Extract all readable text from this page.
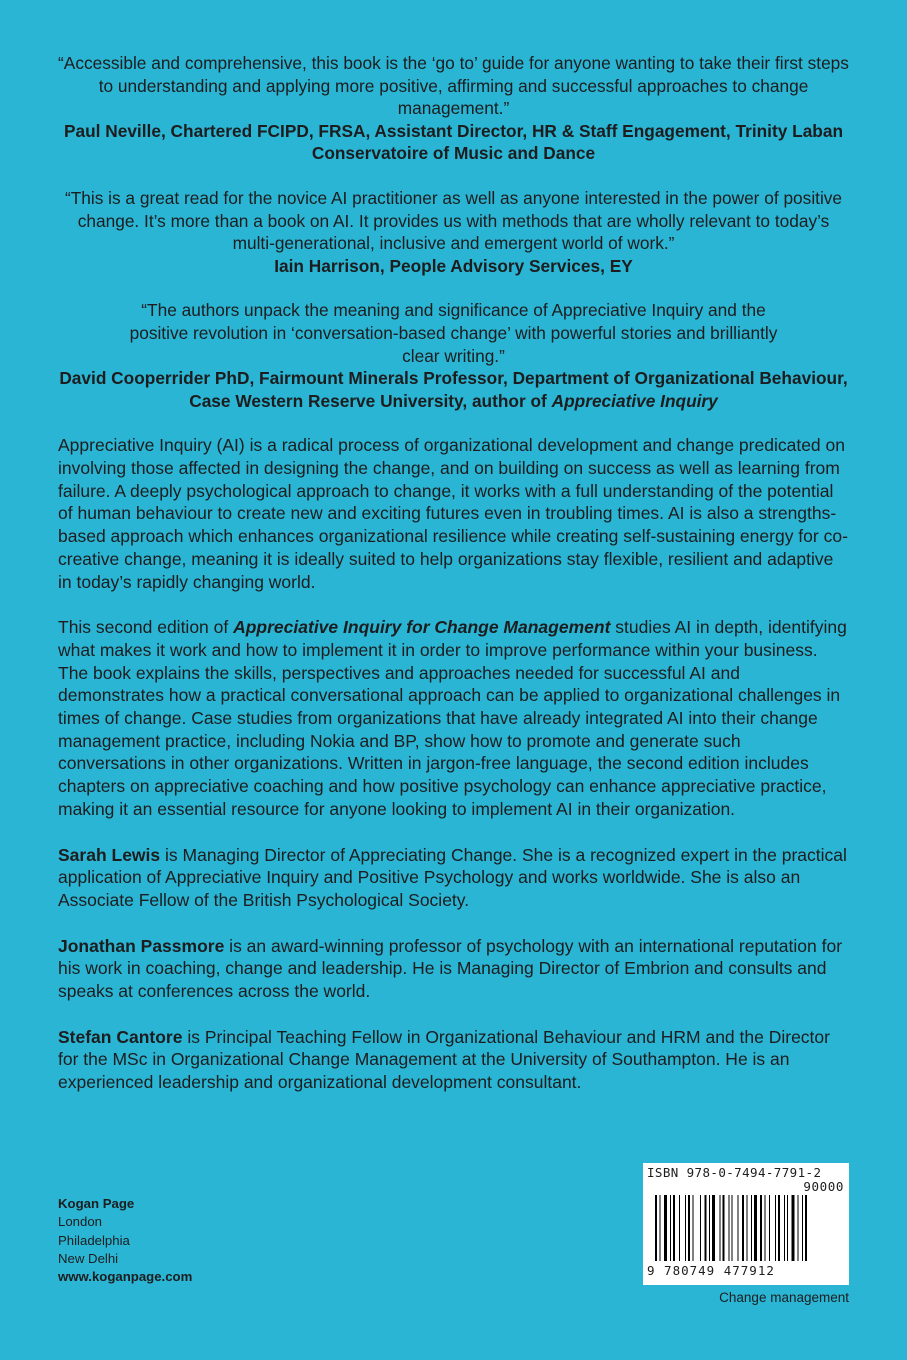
“Accessible and comprehensive, this book is the ‘go to’ guide for anyone wanting to take their first steps to understanding and applying more positive, affirming and successful approaches to change management.”

Paul Neville, Chartered FCIPD, FRSA, Assistant Director, HR & Staff Engagement, Trinity Laban Conservatoire of Music and Dance

“This is a great read for the novice AI practitioner as well as anyone interested in the power of positive change. It’s more than a book on AI. It provides us with methods that are wholly relevant to today’s multi-generational, inclusive and emergent world of work.”

Iain Harrison, People Advisory Services, EY

“The authors unpack the meaning and significance of Appreciative Inquiry and the positive revolution in ‘conversation-based change’ with powerful stories and brilliantly clear writing.”

David Cooperrider PhD, Fairmount Minerals Professor, Department of Organizational Behaviour, Case Western Reserve University, author of Appreciative Inquiry

Appreciative Inquiry (AI) is a radical process of organizational development and change predicated on involving those affected in designing the change, and on building on success as well as learning from failure. A deeply psychological approach to change, it works with a full understanding of the potential of human behaviour to create new and exciting futures even in troubling times. AI is also a strengths-based approach which enhances organizational resilience while creating self-sustaining energy for co-creative change, meaning it is ideally suited to help organizations stay flexible, resilient and adaptive in today’s rapidly changing world.

This second edition of Appreciative Inquiry for Change Management studies AI in depth, identifying what makes it work and how to implement it in order to improve performance within your business. The book explains the skills, perspectives and approaches needed for successful AI and demonstrates how a practical conversational approach can be applied to organizational challenges in times of change. Case studies from organizations that have already integrated AI into their change management practice, including Nokia and BP, show how to promote and generate such conversations in other organizations. Written in jargon-free language, the second edition includes chapters on appreciative coaching and how positive psychology can enhance appreciative practice, making it an essential resource for anyone looking to implement AI in their organization.

Sarah Lewis is Managing Director of Appreciating Change. She is a recognized expert in the practical application of Appreciative Inquiry and Positive Psychology and works worldwide. She is also an Associate Fellow of the British Psychological Society.

Jonathan Passmore is an award-winning professor of psychology with an international reputation for his work in coaching, change and leadership. He is Managing Director of Embrion and consults and speaks at conferences across the world.

Stefan Cantore is Principal Teaching Fellow in Organizational Behaviour and HRM and the Director for the MSc in Organizational Change Management at the University of Southampton. He is an experienced leadership and organizational development consultant.

Kogan Page
London
Philadelphia
New Delhi
www.koganpage.com
ISBN 978-0-7494-7791-2
90000
9 780749 477912
Change management
